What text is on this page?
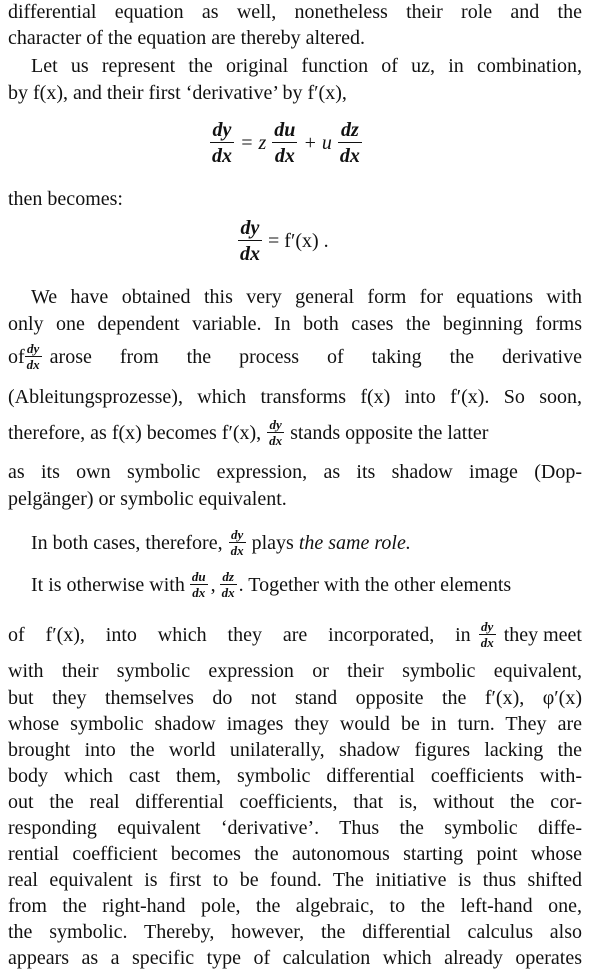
differential equation as well, nonetheless their role and the
character of the equation are thereby altered.
Let us represent the original function of uz, in combination,
by f(x), and their first ‘derivative’ by f′(x),
$\frac{dy}{dx} = z \frac{du}{dx} + u \frac{dz}{dx}$
then becomes:
$\frac{dy}{dx} = f'(x)$ .
We have obtained this very general form for equations with
only one dependent variable. In both cases the beginning forms
of $\frac{dy}{dx}$ arose from the process of taking the derivative
(Ableitungsprozesse), which transforms f(x) into f′(x). So soon,
therefore, as f(x) becomes f′(x), $\frac{dy}{dx}$ stands opposite the latter
as its own symbolic expression, as its shadow image (Dop-
pelgänger) or symbolic equivalent.
In both cases, therefore, $\frac{dy}{dx}$ plays the same role.
It is otherwise with $\frac{du}{dx}$ , $\frac{dz}{dx}$ . Together with the other elements
of f′(x), into which they are incorporated, in $\frac{dy}{dx}$ they meet
with their symbolic expression or their symbolic equivalent,
but they themselves do not stand opposite the f′(x), φ′(x)
whose symbolic shadow images they would be in turn. They are
brought into the world unilaterally, shadow figures lacking the
body which cast them, symbolic differential coefficients with-
out the real differential coefficients, that is, without the cor-
responding equivalent ‘derivative’. Thus the symbolic diffe-
rential coefficient becomes the autonomous starting point whose
real equivalent is first to be found. The initiative is thus shifted
from the right-hand pole, the algebraic, to the left-hand one,
the symbolic. Thereby, however, the differential calculus also
appears as a specific type of calculation which already operates
